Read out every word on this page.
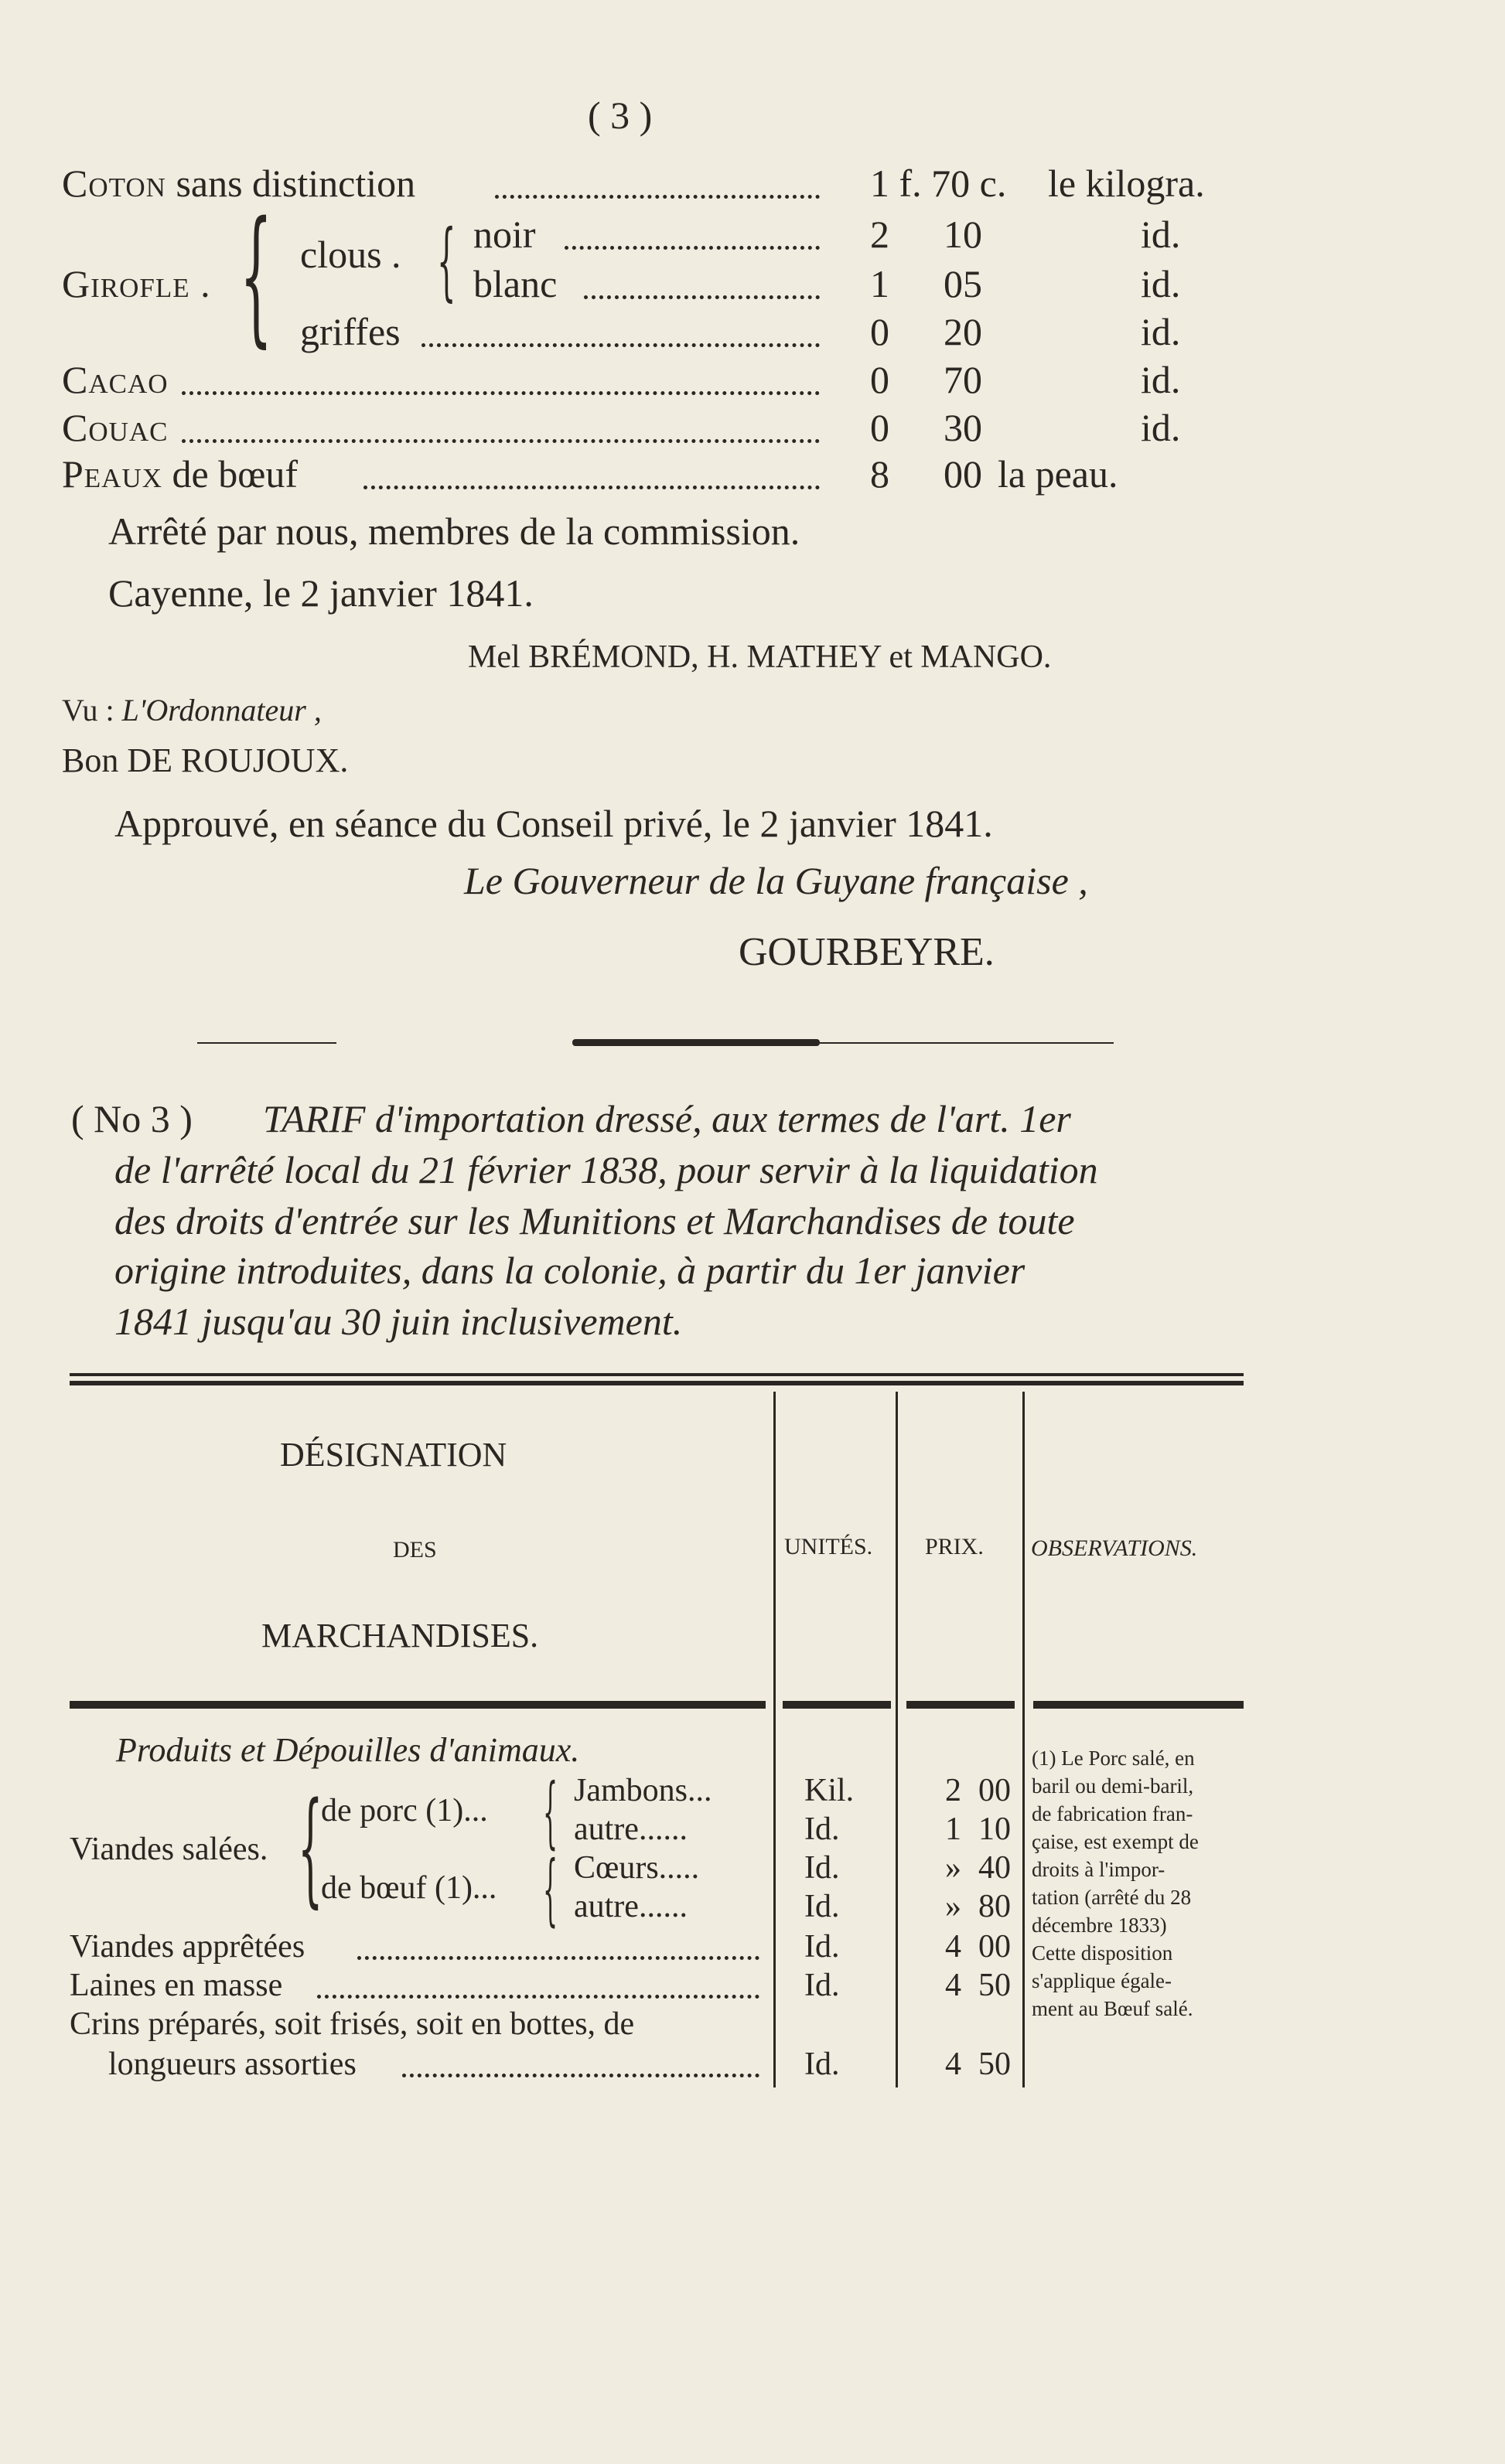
( 3 )
Coton sans distinction	1 f. 70 c. le kilogra.
Girofle . { clous . { noir	2 10	id.
blanc	1 05	id.
griffes	0 20	id.
Cacao	0 70	id.
Couac	0 30	id.
Peaux de bœuf	8 00 la peau.
Arrêté par nous, membres de la commission.
Cayenne, le 2 janvier 1841.
Mel BRÉMOND, H. MATHEY et MANGO.
Vu : L'Ordonnateur ,
Bon DE ROUJOUX.
Approuvé, en séance du Conseil privé, le 2 janvier 1841.
Le Gouverneur de la Guyane française ,
GOURBEYRE.
( No 3 ) TARIF d'importation dressé, aux termes de l'art. 1er
de l'arrêté local du 21 février 1838, pour servir à la liquidation
des droits d'entrée sur les Munitions et Marchandises de toute
origine introduites, dans la colonie, à partir du 1er janvier
1841 jusqu'au 30 juin inclusivement.
DÉSIGNATION
DES
MARCHANDISES.
UNITÉS. PRIX. OBSERVATIONS.
Produits et Dépouilles d'animaux.
Viandes salées. {
de porc (1)... {
de bœuf (1)... {
Jambons...	Kil.	2 00
autre......	Id.	1 10
Cœurs.....	Id.	» 40
autre......	Id.	» 80
Viandes apprêtées	Id.	4 00
Laines en masse	Id.	4 50
Crins préparés, soit frisés, soit en bottes, de
longueurs assorties	Id.	4 50
(1) Le Porc salé, en
baril ou demi-baril,
de fabrication fran-
çaise, est exempt de
droits à l'impor-
tation (arrêté du 28
décembre 1833)
Cette disposition
s'applique égale-
ment au Bœuf salé.
